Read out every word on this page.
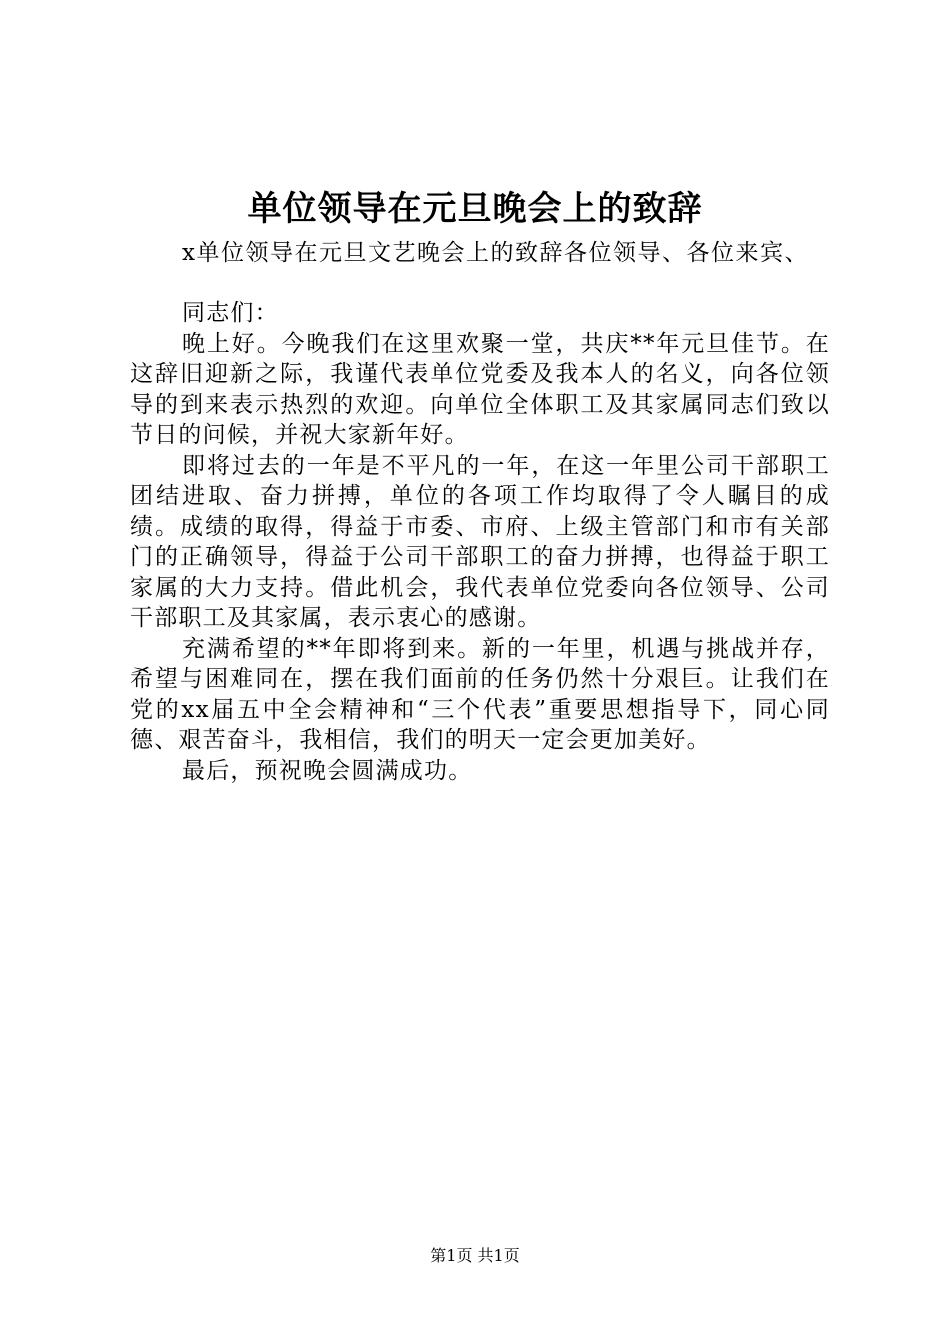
单位领导在元旦晚会上的致辞
x单位领导在元旦文艺晚会上的致辞各位领导、各位来宾、

同志们：

晚上好。今晚我们在这里欢聚一堂，共庆**年元旦佳节。在这辞旧迎新之际，我谨代表单位党委及我本人的名义，向各位领导的到来表示热烈的欢迎。向单位全体职工及其家属同志们致以节日的问候，并祝大家新年好。

即将过去的一年是不平凡的一年，在这一年里公司干部职工团结进取、奋力拼搏，单位的各项工作均取得了令人瞩目的成绩。成绩的取得，得益于市委、市府、上级主管部门和市有关部门的正确领导，得益于公司干部职工的奋力拼搏，也得益于职工家属的大力支持。借此机会，我代表单位党委向各位领导、公司干部职工及其家属，表示衷心的感谢。

充满希望的**年即将到来。新的一年里，机遇与挑战并存，希望与困难同在，摆在我们面前的任务仍然十分艰巨。让我们在党的xx届五中全会精神和“三个代表”重要思想指导下，同心同德、艰苦奋斗，我相信，我们的明天一定会更加美好。

最后，预祝晚会圆满成功。

第1页 共1页
